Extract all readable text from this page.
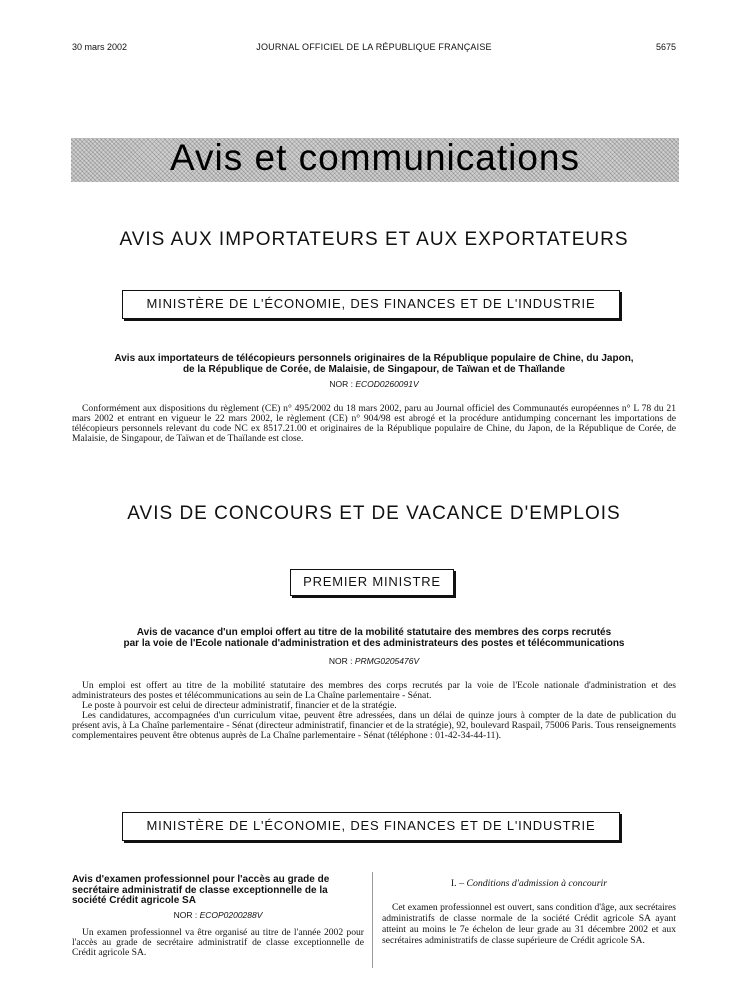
30 mars 2002	JOURNAL OFFICIEL DE LA RÉPUBLIQUE FRANÇAISE	5675
Avis et communications
AVIS AUX IMPORTATEURS ET AUX EXPORTATEURS
MINISTÈRE DE L'ÉCONOMIE, DES FINANCES ET DE L'INDUSTRIE
Avis aux importateurs de télécopieurs personnels originaires de la République populaire de Chine, du Japon,
de la République de Corée, de Malaisie, de Singapour, de Taïwan et de Thaïlande
NOR : ECOD0260091V

Conformément aux dispositions du règlement (CE) n° 495/2002 du 18 mars 2002, paru au Journal officiel des Communautés européennes n° L 78 du 21 mars 2002 et entrant en vigueur le 22 mars 2002, le règlement (CE) n° 904/98 est abrogé et la procédure antidumping concernant les importations de télécopieurs personnels relevant du code NC ex 8517.21.00 et originaires de la République populaire de Chine, du Japon, de la République de Corée, de Malaisie, de Singapour, de Taïwan et de Thaïlande est close.

AVIS DE CONCOURS ET DE VACANCE D'EMPLOIS
PREMIER MINISTRE
Avis de vacance d'un emploi offert au titre de la mobilité statutaire des membres des corps recrutés
par la voie de l'Ecole nationale d'administration et des administrateurs des postes et télécommunications
NOR : PRMG0205476V

Un emploi est offert au titre de la mobilité statutaire des membres des corps recrutés par la voie de l'Ecole nationale d'administration et des administrateurs des postes et télécommunications au sein de La Chaîne parlementaire - Sénat.

Le poste à pourvoir est celui de directeur administratif, financier et de la stratégie.

Les candidatures, accompagnées d'un curriculum vitae, peuvent être adressées, dans un délai de quinze jours à compter de la date de publication du présent avis, à La Chaîne parlementaire - Sénat (directeur administratif, financier et de la stratégie), 92, boulevard Raspail, 75006 Paris. Tous renseignements complementaires peuvent être obtenus auprès de La Chaîne parlementaire - Sénat (téléphone : 01-42-34-44-11).

MINISTÈRE DE L'ÉCONOMIE, DES FINANCES ET DE L'INDUSTRIE
Avis d'examen professionnel pour l'accès au grade de secrétaire administratif de classe exceptionnelle de la société Crédit agricole SA
NOR : ECOP0200288V

Un examen professionnel va être organisé au titre de l'année 2002 pour l'accès au grade de secrétaire administratif de classe exceptionnelle de Crédit agricole SA.

I. – Conditions d'admission à concourir

Cet examen professionnel est ouvert, sans condition d'âge, aux secrétaires administratifs de classe normale de la société Crédit agricole SA ayant atteint au moins le 7e échelon de leur grade au 31 décembre 2002 et aux secrétaires administratifs de classe supérieure de Crédit agricole SA.
